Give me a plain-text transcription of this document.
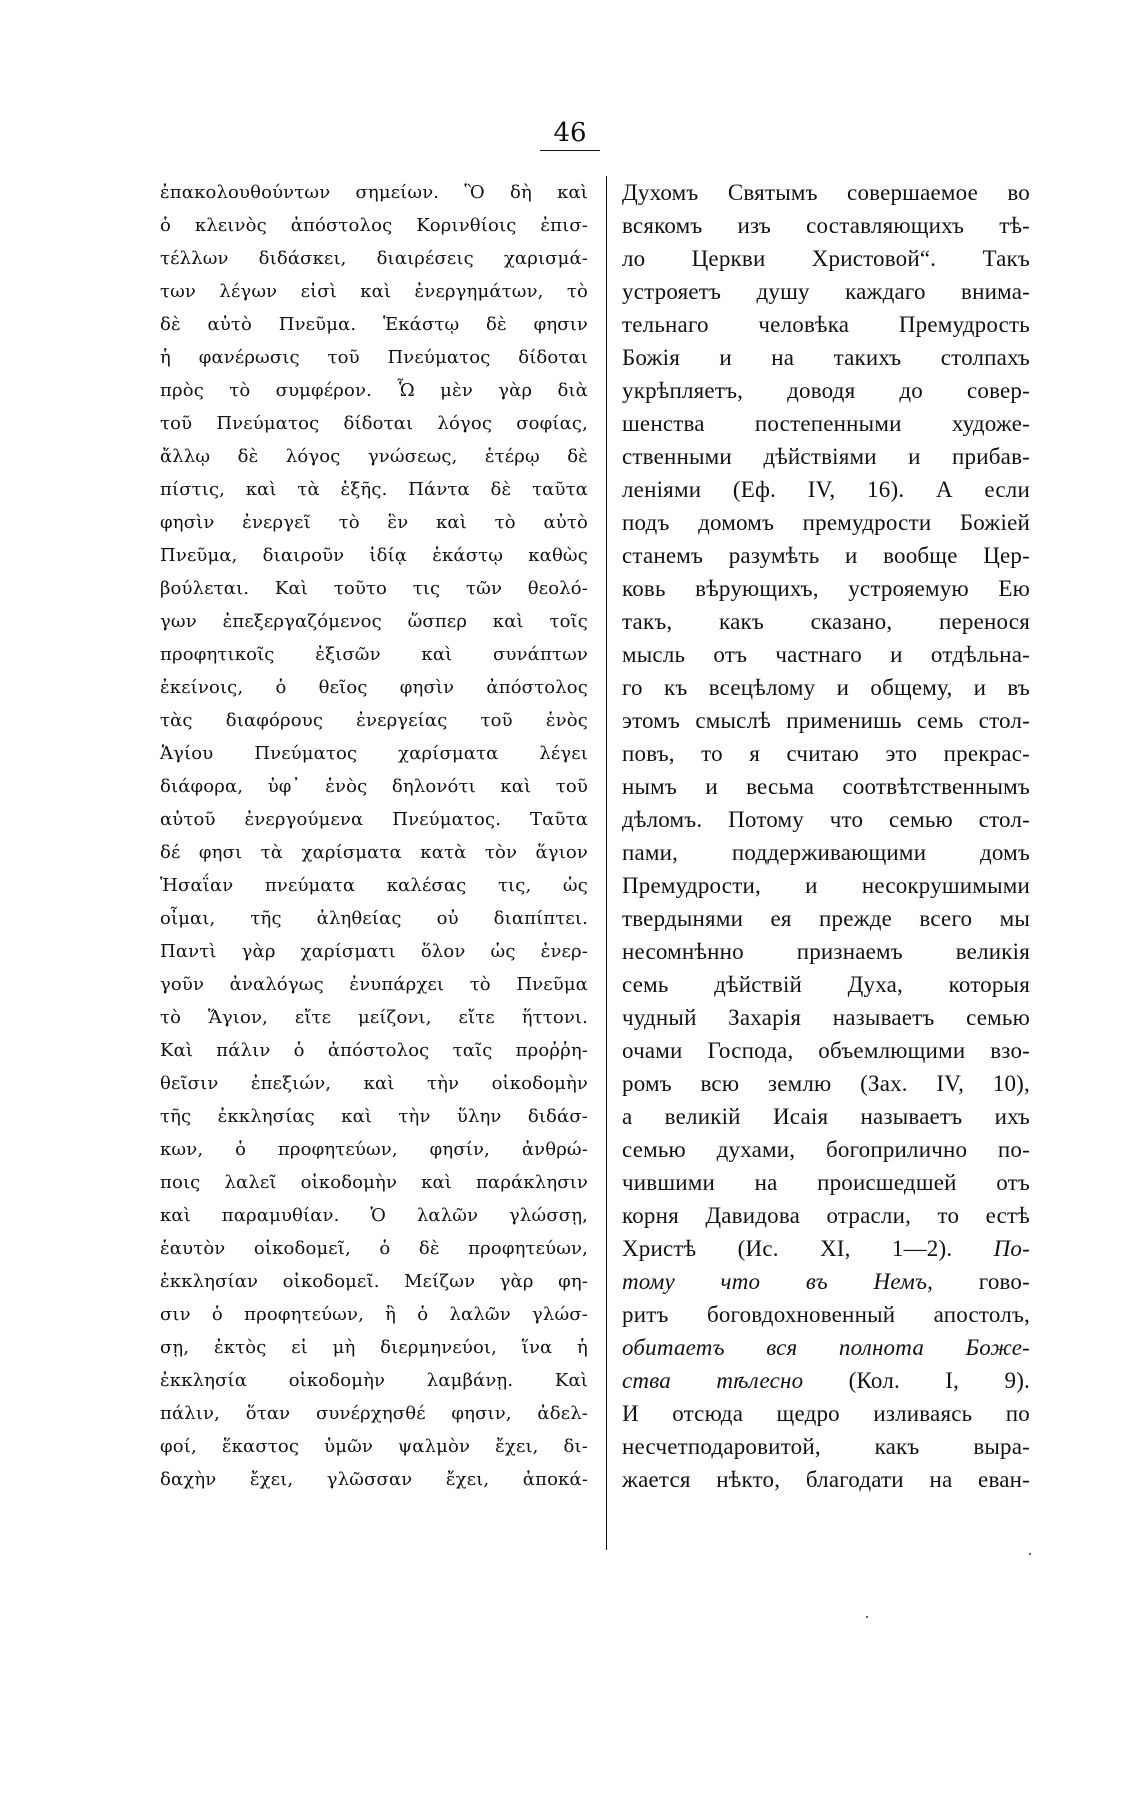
46
ἐπακολουθούντων σημείων. Ὃ δὴ καὶ
ὁ κλεινὸς ἀπόστολος Κορινθίοις ἐπισ-
τέλλων διδάσκει, διαιρέσεις χαρισμά-
των λέγων εἰσὶ καὶ ἐνεργημάτων, τὸ
δὲ αὐτὸ Πνεῦμα. Ἑκάστῳ δὲ φησιν
ἡ φανέρωσις τοῦ Πνεύματος δίδοται
πρὸς τὸ συμφέρον. Ὧ μὲν γὰρ διὰ
τοῦ Πνεύματος δίδοται λόγος σοφίας,
ἄλλῳ δὲ λόγος γνώσεως, ἑτέρῳ δὲ
πίστις, καὶ τὰ ἑξῆς. Πάντα δὲ ταῦτα
φησὶν ἐνεργεῖ τὸ ἓν καὶ τὸ αὐτὸ
Πνεῦμα, διαιροῦν ἰδίᾳ ἑκάστῳ καθὼς
βούλεται. Καὶ τοῦτο τις τῶν θεολό-
γων ἐπεξεργαζόμενος ὥσπερ καὶ τοῖς
προφητικοῖς ἐξισῶν καὶ συνάπτων
ἐκείνοις, ὁ θεῖος φησὶν ἀπόστολος
τὰς διαφόρους ἐνεργείας τοῦ ἑνὸς
Ἁγίου Πνεύματος χαρίσματα λέγει
διάφορα, ὑφ᾽ ἑνὸς δηλονότι καὶ τοῦ
αὐτοῦ ἐνεργούμενα Πνεύματος. Ταῦτα
δέ φησι τὰ χαρίσματα κατὰ τὸν ἅγιον
Ἡσαΐαν πνεύματα καλέσας τις, ὡς
οἶμαι, τῆς ἀληθείας οὐ διαπίπτει.
Παντὶ γὰρ χαρίσματι ὅλον ὡς ἐνερ-
γοῦν ἀναλόγως ἐνυπάρχει τὸ Πνεῦμα
τὸ Ἅγιον, εἴτε μείζονι, εἴτε ἥττονι.
Καὶ πάλιν ὁ ἀπόστολος ταῖς προῤῥη-
θεῖσιν ἐπεξιών, καὶ τὴν οἰκοδομὴν
τῆς ἐκκλησίας καὶ τὴν ὕλην διδάσ-
κων, ὁ προφητεύων, φησίν, ἀνθρώ-
ποις λαλεῖ οἰκοδομὴν καὶ παράκλησιν
καὶ παραμυθίαν. Ὁ λαλῶν γλώσσῃ,
ἑαυτὸν οἰκοδομεῖ, ὁ δὲ προφητεύων,
ἐκκλησίαν οἰκοδομεῖ. Μείζων γὰρ φη-
σιν ὁ προφητεύων, ἢ ὁ λαλῶν γλώσ-
σῃ, ἐκτὸς εἰ μὴ διερμηνεύοι, ἵνα ἡ
ἐκκλησία οἰκοδομὴν λαμβάνῃ. Καὶ
πάλιν, ὅταν συνέρχησθέ φησιν, ἀδελ-
φοί, ἕκαστος ὑμῶν ψαλμὸν ἔχει, δι-
δαχὴν ἔχει, γλῶσσαν ἔχει, ἀποκά-
Духомъ Святымъ совершаемое во
всякомъ изъ составляющихъ тѣ-
ло Церкви Христовой“. Такъ
устрояетъ душу каждаго внима-
тельнаго человѣка Премудрость
Божія и на такихъ столпахъ
укрѣпляетъ, доводя до совер-
шенства постепенными художе-
ственными дѣйствіями и прибав-
леніями (Еф. IV, 16). А если
подъ домомъ премудрости Божіей
станемъ разумѣть и вообще Цер-
ковь вѣрующихъ, устрояемую Ею
такъ, какъ сказано, перенося
мысль отъ частнаго и отдѣльна-
го къ всецѣлому и общему, и въ
этомъ смыслѣ применишь семь стол-
повъ, то я считаю это прекрас-
нымъ и весьма соотвѣтственнымъ
дѣломъ. Потому что семью стол-
пами, поддерживающими домъ
Премудрости, и несокрушимыми
твердынями ея прежде всего мы
несомнѣнно признаемъ великія
семь дѣйствій Духа, которыя
чудный Захарія называетъ семью
очами Господа, объемлющими взо-
ромъ всю землю (Зах. IV, 10),
а великій Исаія называетъ ихъ
семью духами, богоприлично по-
чившими на происшедшей отъ
корня Давидова отрасли, то естѣ
Христѣ (Ис. XI, 1—2). По-
тому что въ Немъ, гово-
ритъ боговдохновенный апостолъ,
обитаетъ вся полнота Боже-
ства тѣлесно (Кол. I, 9).
И отсюда щедро изливаясь по
несчетподаровитой, какъ выра-
жается нѣкто, благодати на еван-
